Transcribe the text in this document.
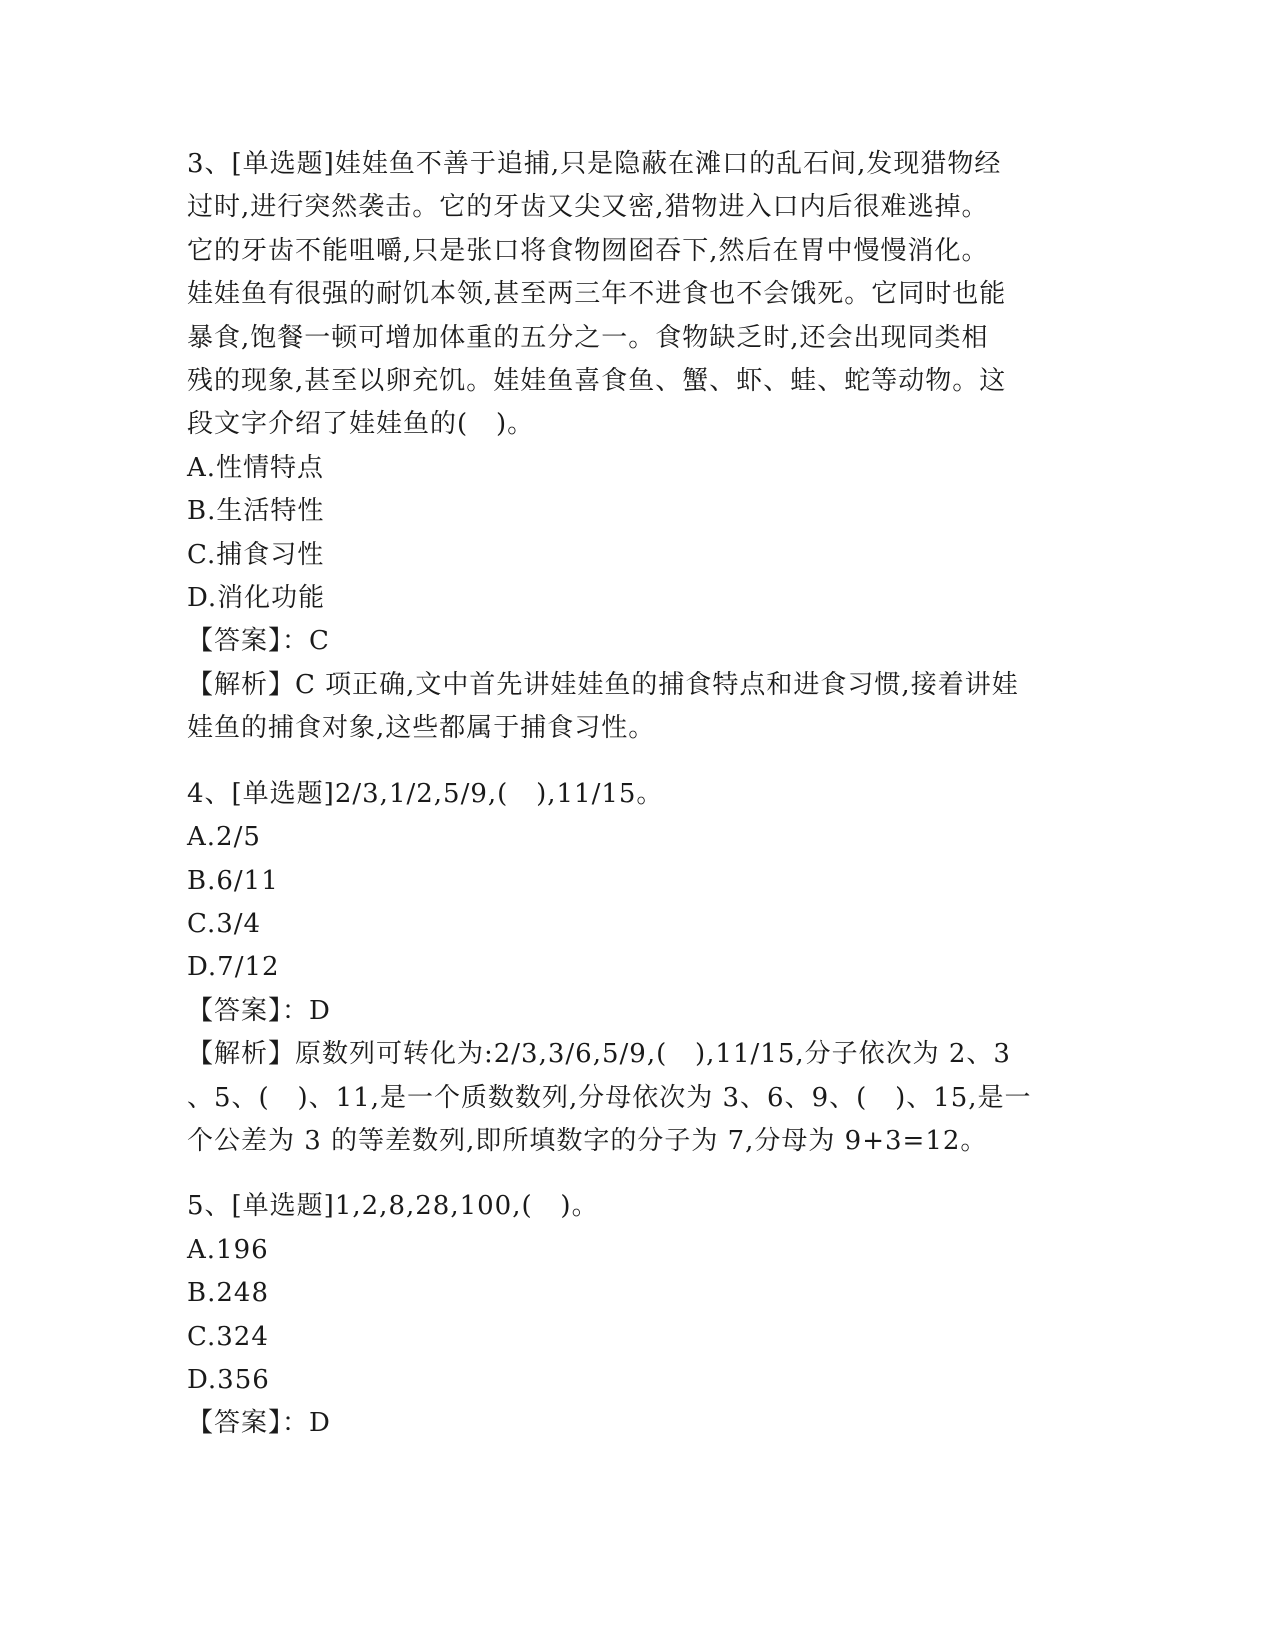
3、[单选题]娃娃鱼不善于追捕,只是隐蔽在滩口的乱石间,发现猎物经
过时,进行突然袭击。它的牙齿又尖又密,猎物进入口内后很难逃掉。
它的牙齿不能咀嚼,只是张口将食物囫囵吞下,然后在胃中慢慢消化。
娃娃鱼有很强的耐饥本领,甚至两三年不进食也不会饿死。它同时也能
暴食,饱餐一顿可增加体重的五分之一。食物缺乏时,还会出现同类相
残的现象,甚至以卵充饥。娃娃鱼喜食鱼、蟹、虾、蛙、蛇等动物。这
段文字介绍了娃娃鱼的(   )。
A.性情特点
B.生活特性
C.捕食习性
D.消化功能
【答案】：C
【解析】C 项正确,文中首先讲娃娃鱼的捕食特点和进食习惯,接着讲娃
娃鱼的捕食对象,这些都属于捕食习性。
4、[单选题]2/3,1/2,5/9,(   ),11/15。
A.2/5
B.6/11
C.3/4
D.7/12
【答案】：D
【解析】原数列可转化为:2/3,3/6,5/9,(   ),11/15,分子依次为 2、3
、5、(   )、11,是一个质数数列,分母依次为 3、6、9、(   )、15,是一
个公差为 3 的等差数列,即所填数字的分子为 7,分母为 9+3=12。
5、[单选题]1,2,8,28,100,(   )。
A.196
B.248
C.324
D.356
【答案】：D
